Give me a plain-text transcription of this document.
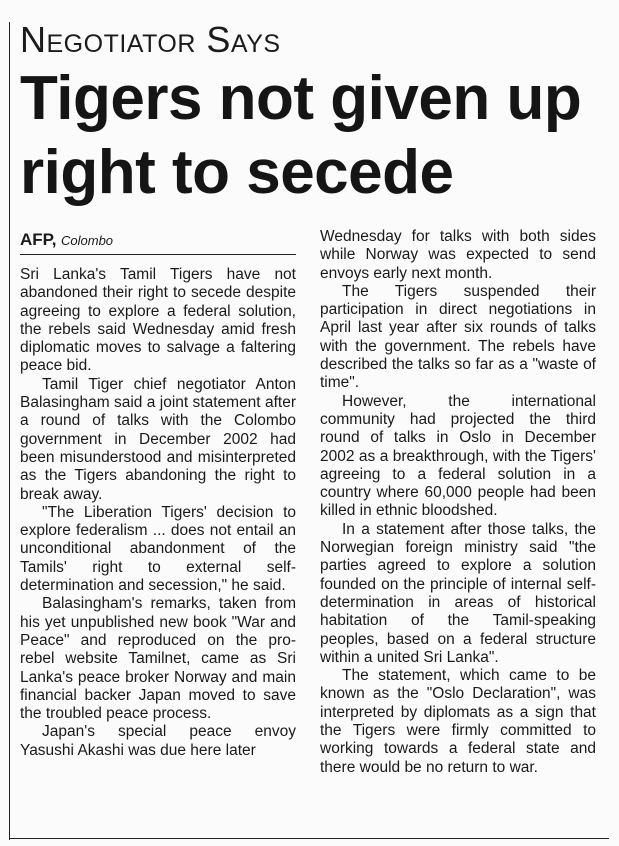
Negotiator Says
Tigers not given up right to secede
AFP, Colombo

Sri Lanka's Tamil Tigers have not abandoned their right to secede despite agreeing to explore a federal solution, the rebels said Wednesday amid fresh diplomatic moves to salvage a faltering peace bid.

Tamil Tiger chief negotiator Anton Balasingham said a joint statement after a round of talks with the Colombo government in December 2002 had been misunderstood and misinterpreted as the Tigers abandoning the right to break away.

"The Liberation Tigers' decision to explore federalism ... does not entail an unconditional abandonment of the Tamils' right to external self-determination and secession," he said.

Balasingham's remarks, taken from his yet unpublished new book "War and Peace" and reproduced on the pro-rebel website Tamilnet, came as Sri Lanka's peace broker Norway and main financial backer Japan moved to save the troubled peace process.

Japan's special peace envoy Yasushi Akashi was due here later

Wednesday for talks with both sides while Norway was expected to send envoys early next month.

The Tigers suspended their participation in direct negotiations in April last year after six rounds of talks with the government. The rebels have described the talks so far as a "waste of time".

However, the international community had projected the third round of talks in Oslo in December 2002 as a breakthrough, with the Tigers' agreeing to a federal solution in a country where 60,000 people had been killed in ethnic bloodshed.

In a statement after those talks, the Norwegian foreign ministry said "the parties agreed to explore a solution founded on the principle of internal self-determination in areas of historical habitation of the Tamil-speaking peoples, based on a federal structure within a united Sri Lanka".

The statement, which came to be known as the "Oslo Declaration", was interpreted by diplomats as a sign that the Tigers were firmly committed to working towards a federal state and there would be no return to war.
